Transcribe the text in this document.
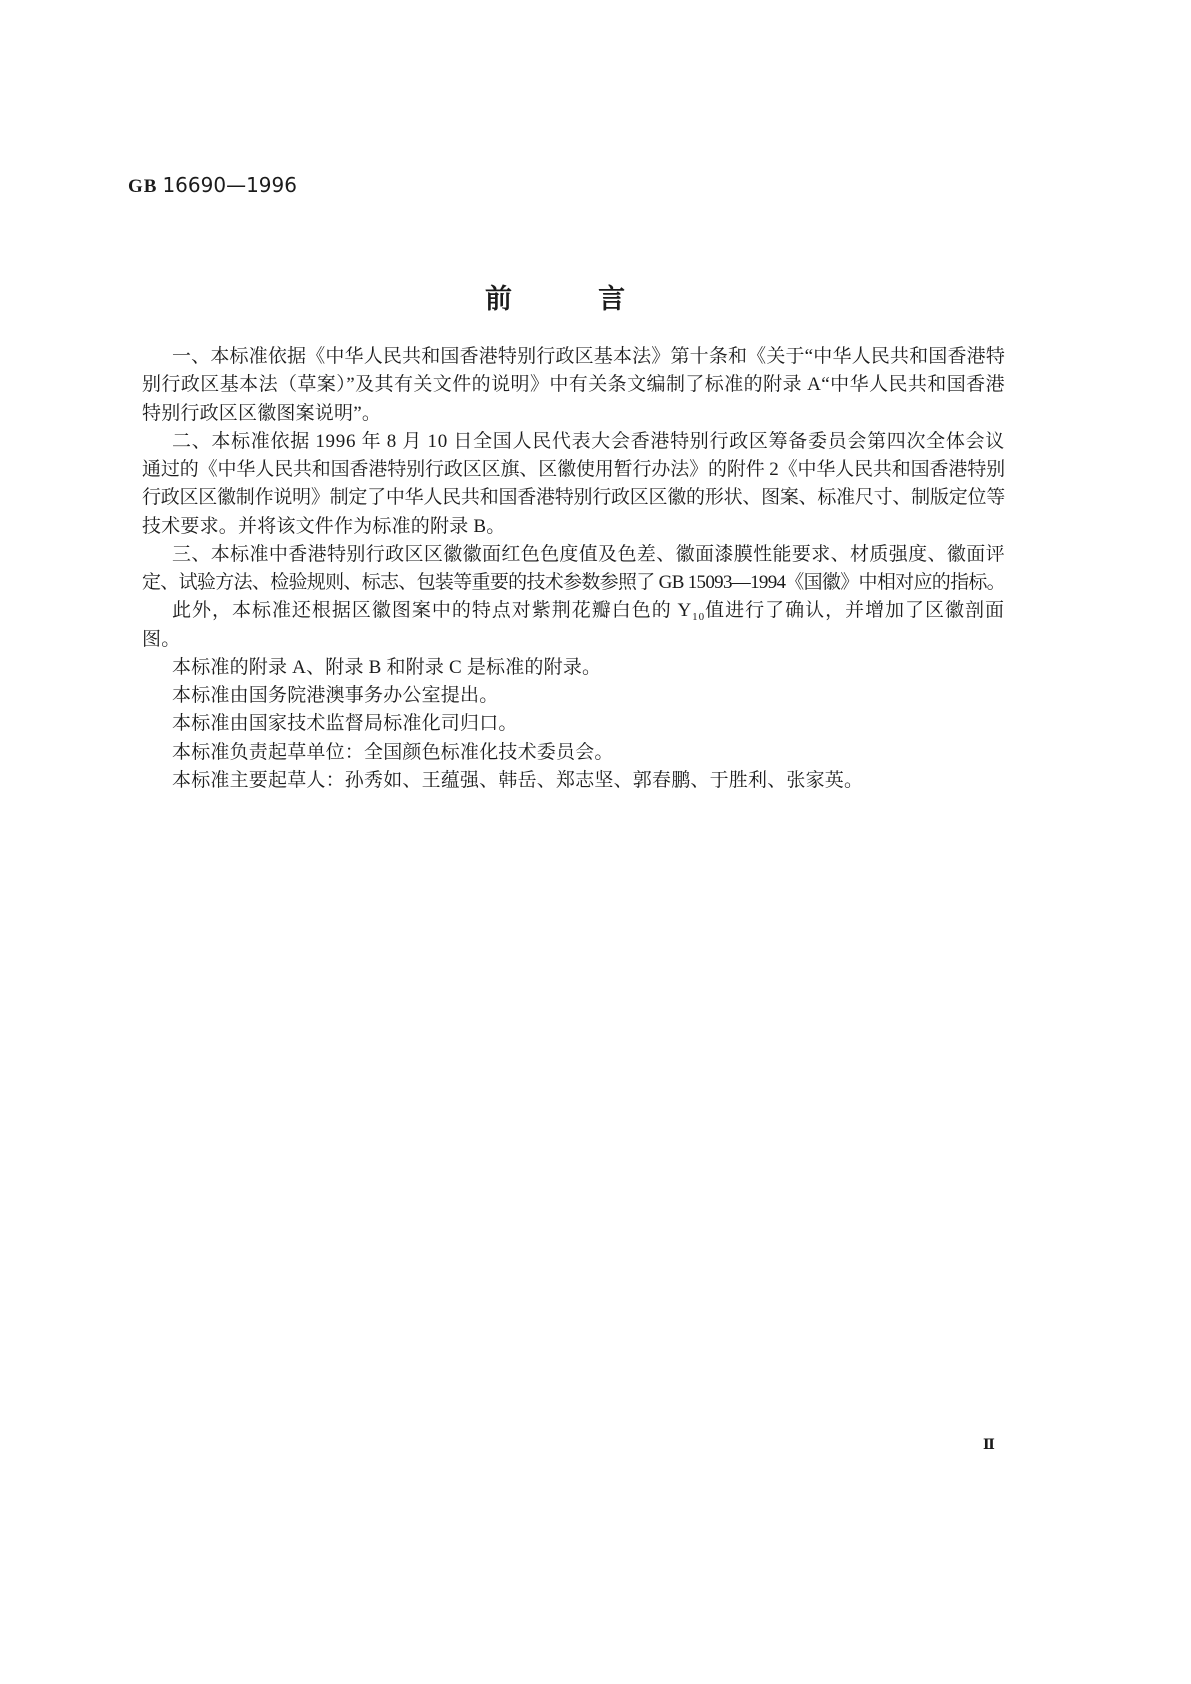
GB 16690—1996
前　　言
一、本标准依据《中华人民共和国香港特别行政区基本法》第十条和《关于“中华人民共和国香港特
别行政区基本法（草案）”及其有关文件的说明》中有关条文编制了标准的附录 A“中华人民共和国香港
特别行政区区徽图案说明”。
二、本标准依据 1996 年 8 月 10 日全国人民代表大会香港特别行政区筹备委员会第四次全体会议
通过的《中华人民共和国香港特别行政区区旗、区徽使用暂行办法》的附件 2《中华人民共和国香港特别
行政区区徽制作说明》制定了中华人民共和国香港特别行政区区徽的形状、图案、标准尺寸、制版定位等
技术要求。并将该文件作为标准的附录 B。
三、本标准中香港特别行政区区徽徽面红色色度值及色差、徽面漆膜性能要求、材质强度、徽面评
定、试验方法、检验规则、标志、包装等重要的技术参数参照了 GB 15093—1994《国徽》中相对应的指标。
此外，本标准还根据区徽图案中的特点对紫荆花瓣白色的 $Y_{10}$值进行了确认，并增加了区徽剖面
图。
本标准的附录 A、附录 B 和附录 C 是标准的附录。
本标准由国务院港澳事务办公室提出。
本标准由国家技术监督局标准化司归口。
本标准负责起草单位：全国颜色标准化技术委员会。
本标准主要起草人：孙秀如、王蕴强、韩岳、郑志坚、郭春鹏、于胜利、张家英。
Ⅱ
